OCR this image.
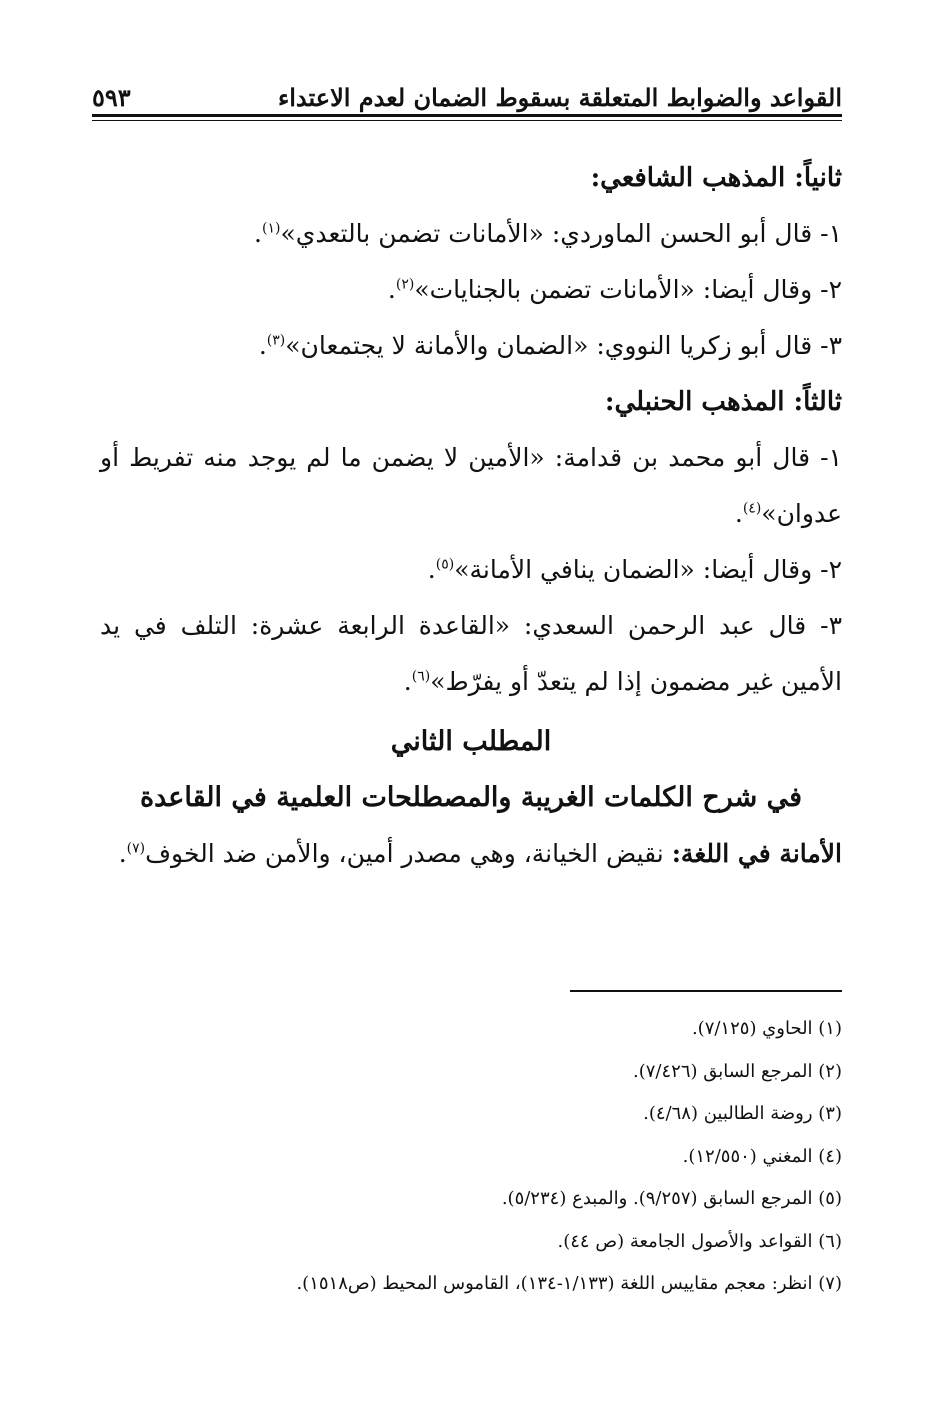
٥٩٣	القواعد والضوابط المتعلقة بسقوط الضمان لعدم الاعتداء

ثانياً: المذهب الشافعي:

١- قال أبو الحسن الماوردي: «الأمانات تضمن بالتعدي»$^{(١)}$.

٢- وقال أيضا: «الأمانات تضمن بالجنايات»$^{(٢)}$.

٣- قال أبو زكريا النووي: «الضمان والأمانة لا يجتمعان»$^{(٣)}$.

ثالثاً: المذهب الحنبلي:

١- قال أبو محمد بن قدامة: «الأمين لا يضمن ما لم يوجد منه تفريط أو عدوان»$^{(٤)}$.

٢- وقال أيضا: «الضمان ينافي الأمانة»$^{(٥)}$.

٣- قال عبد الرحمن السعدي: «القاعدة الرابعة عشرة: التلف في يد الأمين غير مضمون إذا لم يتعدّ أو يفرّط»$^{(٦)}$.

المطلب الثاني

في شرح الكلمات الغريبة والمصطلحات العلمية في القاعدة

الأمانة في اللغة: نقيض الخيانة، وهي مصدر أمين، والأمن ضد الخوف$^{(٧)}$.

(١) الحاوي (٧/١٢٥).

(٢) المرجع السابق (٧/٤٢٦).

(٣) روضة الطالبين (٤/٦٨).

(٤) المغني (١٢/٥٥٠).

(٥) المرجع السابق (٩/٢٥٧). والمبدع (٥/٢٣٤).

(٦) القواعد والأصول الجامعة (ص ٤٤).

(٧) انظر: معجم مقاييس اللغة (١/١٣٣-١٣٤)، القاموس المحيط (ص١٥١٨).
